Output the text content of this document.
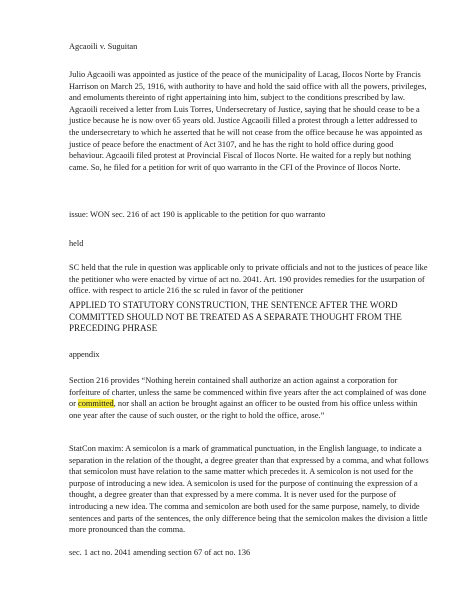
Agcaoili v. Suguitan

Julio Agcaoili was appointed as justice of the peace of the municipality of Lacag, Ilocos Norte by Francis Harrison on March 25, 1916, with authority to have and hold the said office with all the powers, privileges, and emoluments thereinto of right appertaining into him, subject to the conditions prescribed by law. Agcaoili received a letter from Luis Torres, Undersecretary of Justice, saying that he should cease to be a justice because he is now over 65 years old. Justice Agcaoili filled a protest through a letter addressed to the undersecretary to which he asserted that he will not cease from the office because he was appointed as justice of peace before the enactment of Act 3107, and he has the right to hold office during good behaviour. Agcaoili filed protest at Provincial Fiscal of Ilocos Norte. He waited for a reply but nothing came. So, he filed for a petition for writ of quo warranto in the CFI of the Province of Ilocos Norte.

issue: WON sec. 216 of act 190 is applicable to the petition for quo warranto

held

SC held that the rule in question was applicable only to private officials and not to the justices of peace like the petitioner who were enacted by virtue of act no. 2041. Art. 190 provides remedies for the usurpation of office. with respect to article 216 the sc ruled in favor of the petitioner

APPLIED TO STATUTORY CONSTRUCTION, THE SENTENCE AFTER THE WORD COMMITTED SHOULD NOT BE TREATED AS A SEPARATE THOUGHT FROM THE PRECEDING PHRASE

appendix

Section 216 provides “Nothing herein contained shall authorize an action against a corporation for forfeiture of charter, unless the same be commenced within five years after the act complained of was done or committed, nor shall an action be brought against an officer to be ousted from his office unless within one year after the cause of such ouster, or the right to hold the office, arose.”

StatCon maxim: A semicolon is a mark of grammatical punctuation, in the English language, to indicate a separation in the relation of the thought, a degree greater than that expressed by a comma, and what follows that semicolon must have relation to the same matter which precedes it. A semicolon is not used for the purpose of introducing a new idea. A semicolon is used for the purpose of continuing the expression of a thought, a degree greater than that expressed by a mere comma. It is never used for the purpose of introducing a new idea. The comma and semicolon are both used for the same purpose, namely, to divide sentences and parts of the sentences, the only difference being that the semicolon makes the division a little more pronounced than the comma.

sec. 1 act no. 2041 amending section 67 of act no. 136
